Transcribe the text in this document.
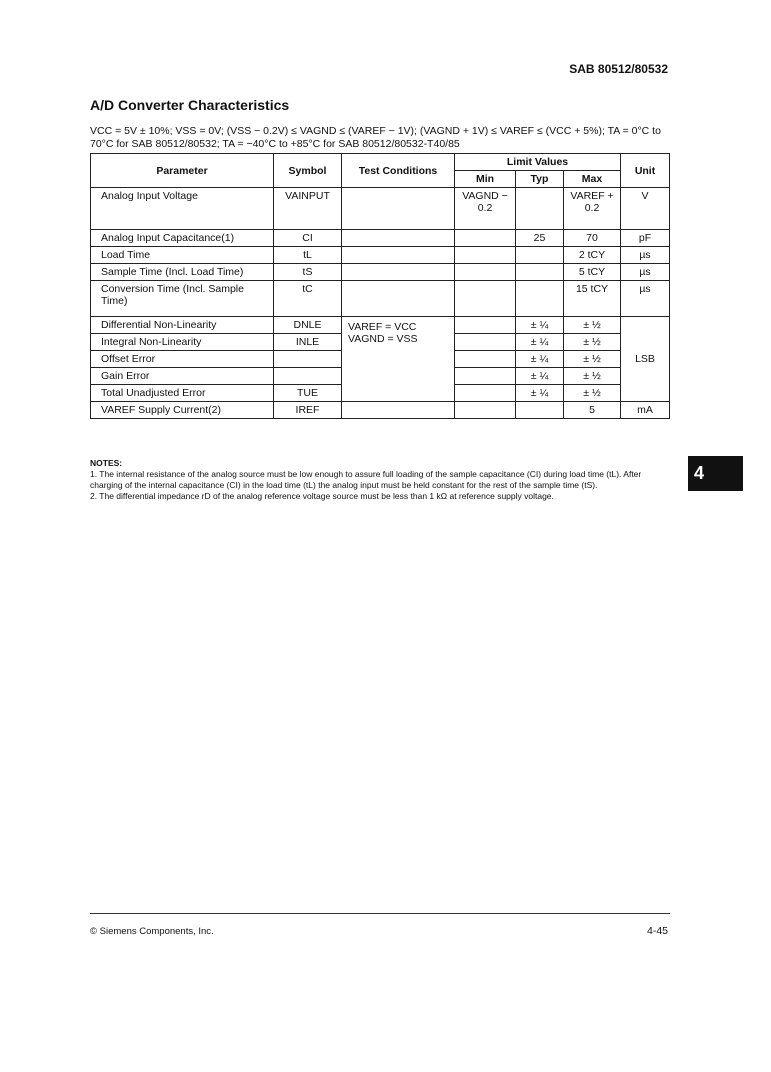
SAB 80512/80532
A/D Converter Characteristics
VCC = 5V ± 10%; VSS = 0V; (VSS − 0.2V) ≤ VAGND ≤ (VAREF − 1V); (VAGND + 1V) ≤ VAREF ≤ (VCC + 5%); TA = 0°C to 70°C for SAB 80512/80532; TA = −40°C to +85°C for SAB 80512/80532-T40/85
Parameter	Symbol	Test Conditions	Limit Values			Unit
			Min	Typ	Max	
Analog Input Voltage	VAINPUT		VAGND − 0.2		VAREF + 0.2	V
Analog Input Capacitance(1)	CI			25	70	pF
Load Time	tL				2 tCY	µs
Sample Time (Incl. Load Time)	tS				5 tCY	µs
Conversion Time (Incl. Sample Time)	tC				15 tCY	µs
Differential Non-Linearity	DNLE	VAREF = VCC VAGND = VSS		± ¼	± ½	LSB
Integral Non-Linearity	INLE			± ¼	± ½	
Offset Error				± ¼	± ½	
Gain Error				± ¼	± ½	
Total Unadjusted Error	TUE			± ¼	± ½	
VAREF Supply Current(2)	IREF				5	mA
NOTES:
1. The internal resistance of the analog source must be low enough to assure full loading of the sample capacitance (CI) during load time (tL). After charging of the internal capacitance (CI) in the load time (tL) the analog input must be held constant for the rest of the sample time (tS).
2. The differential impedance rD of the analog reference voltage source must be less than 1 kΩ at reference supply voltage.
4
© Siemens Components, Inc.	4-45
